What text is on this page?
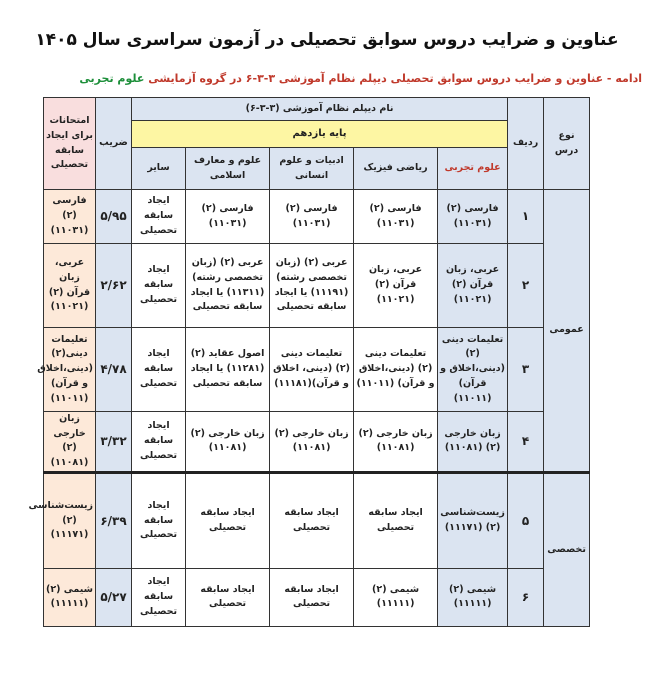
عناوین و ضرایب دروس سوابق تحصیلی در آزمون سراسری سال ۱۴۰۵
ادامه - عناوین و ضرایب دروس سوابق تحصیلی دیپلم نظام آموزشی ۳-۳-۶ در گروه آزمایشی علوم تجربی
نوع درس	ردیف	نام دیپلم نظام آموزشی (۳-۳-۶)					ضریب	امتحانات برای ایجاد سابقه تحصیلی
		پایه یازدهم						
		علوم تجربی	ریاضی فیزیک	ادبیات و علوم انسانی	علوم و معارف اسلامی	سایر		
عمومی	۱	فارسی (۲) (۱۱۰۳۱)	فارسی (۲) (۱۱۰۳۱)	فارسی (۲) (۱۱۰۳۱)	فارسی (۲) (۱۱۰۳۱)	ایجاد سابقه تحصیلی	۵/۹۵	فارسی (۲) (۱۱۰۳۱)
	۲	عربی، زبان قرآن (۲) (۱۱۰۲۱)	عربی، زبان قرآن (۲) (۱۱۰۲۱)	عربی (۲) (زبان تخصصی رشته) (۱۱۱۹۱) یا ایجاد سابقه تحصیلی	عربی (۲) (زبان تخصصی رشته) (۱۱۳۱۱) یا ایجاد سابقه تحصیلی	ایجاد سابقه تحصیلی	۲/۶۲	عربی، زبان قرآن (۲) (۱۱۰۲۱)
	۳	تعلیمات دینی (۲) (دینی،اخلاق و قرآن) (۱۱۰۱۱)	تعلیمات دینی (۲) (دینی،اخلاق و قرآن) (۱۱۰۱۱)	تعلیمات دینی (۲) (دینی، اخلاق و قرآن)(۱۱۱۸۱)	اصول عقاید (۲) (۱۱۲۸۱) یا ایجاد سابقه تحصیلی	ایجاد سابقه تحصیلی	۴/۷۸	تعلیمات دینی(۲) (دینی،اخلاق و قرآن) (۱۱۰۱۱)
	۴	زبان خارجی (۲) (۱۱۰۸۱)	زبان خارجی (۲) (۱۱۰۸۱)	زبان خارجی (۲) (۱۱۰۸۱)	زبان خارجی (۲) (۱۱۰۸۱)	ایجاد سابقه تحصیلی	۳/۳۲	زبان خارجی (۲) (۱۱۰۸۱)
تخصصی	۵	زیست‌شناسی (۲) (۱۱۱۷۱)	ایجاد سابقه تحصیلی	ایجاد سابقه تحصیلی	ایجاد سابقه تحصیلی	ایجاد سابقه تحصیلی	۶/۳۹	زیست‌شناسی (۲) (۱۱۱۷۱)
	۶	شیمی (۲) (۱۱۱۱۱)	شیمی (۲) (۱۱۱۱۱)	ایجاد سابقه تحصیلی	ایجاد سابقه تحصیلی	ایجاد سابقه تحصیلی	۵/۲۷	شیمی (۲) (۱۱۱۱۱)
